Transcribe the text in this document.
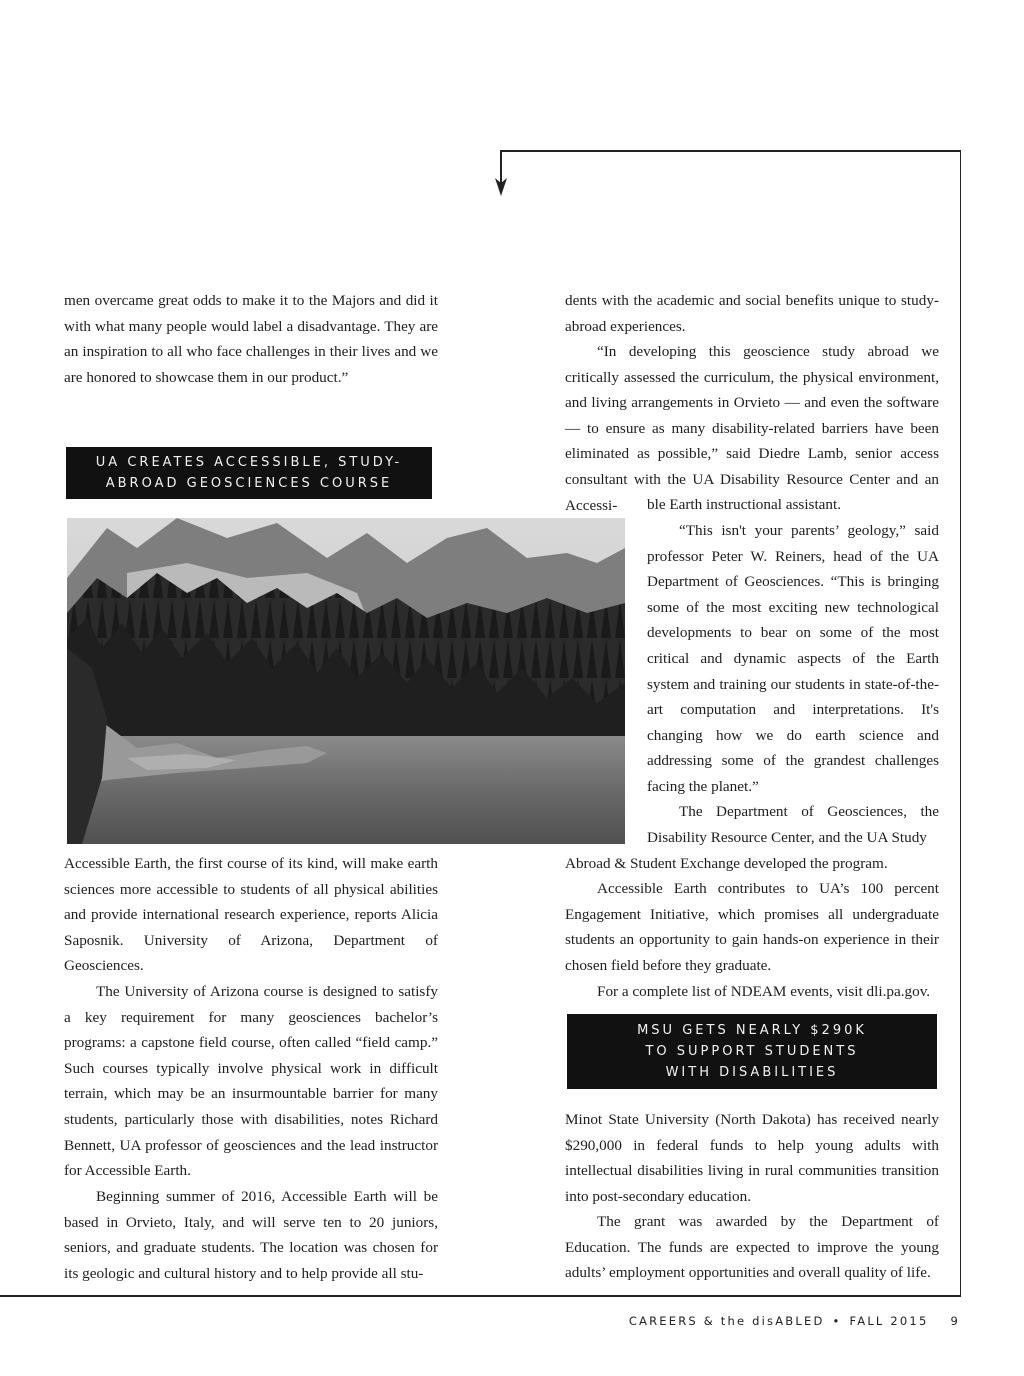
men overcame great odds to make it to the Majors and did it with what many people would label a disadvantage. They are an inspiration to all who face challenges in their lives and we are honored to showcase them in our product.”

UA CREATES ACCESSIBLE, STUDY-
ABROAD GEOSCIENCES COURSE

Accessible Earth, the first course of its kind, will make earth sciences more accessible to students of all physical abilities and provide international research experience, reports Alicia Saposnik. University of Arizona, Department of Geosciences.

The University of Arizona course is designed to satisfy a key requirement for many geosciences bachelor’s programs: a capstone field course, often called “field camp.” Such courses typically involve physical work in difficult terrain, which may be an insurmountable barrier for many students, particularly those with disabilities, notes Richard Bennett, UA professor of geosciences and the lead instructor for Accessible Earth.

Beginning summer of 2016, Accessible Earth will be based in Orvieto, Italy, and will serve ten to 20 juniors, seniors, and graduate students. The location was chosen for its geologic and cultural history and to help provide all stu-

dents with the academic and social benefits unique to study-abroad experiences.

“In developing this geoscience study abroad we critically assessed the curriculum, the physical environment, and living arrangements in Orvieto — and even the software — to ensure as many disability-related barriers have been eliminated as possible,” said Diedre Lamb, senior access consultant with the UA Disability Resource Center and an Accessi-	ble Earth instructional assistant.

“This isn't your parents’ geology,” said professor Peter W. Reiners, head of the UA Department of Geosciences. “This is bringing some of the most exciting new technological developments to bear on some of the most critical and dynamic aspects of the Earth system and training our students in state-of-the-art computation and interpretations. It's changing how we do earth science and addressing some of the grandest challenges facing the planet.”

The Department of Geosciences, the Disability Resource Center, and the UA Study

Abroad & Student Exchange developed the program.

Accessible Earth contributes to UA’s 100 percent Engagement Initiative, which promises all undergraduate students an opportunity to gain hands-on experience in their chosen field before they graduate.

For a complete list of NDEAM events, visit dli.pa.gov.

MSU GETS NEARLY $290K
TO SUPPORT STUDENTS
WITH DISABILITIES

Minot State University (North Dakota) has received nearly $290,000 in federal funds to help young adults with intellectual disabilities living in rural communities transition into post-secondary education.

The grant was awarded by the Department of Education. The funds are expected to improve the young adults’ employment opportunities and overall quality of life.

CAREERS & the disABLED • FALL 2015 9
